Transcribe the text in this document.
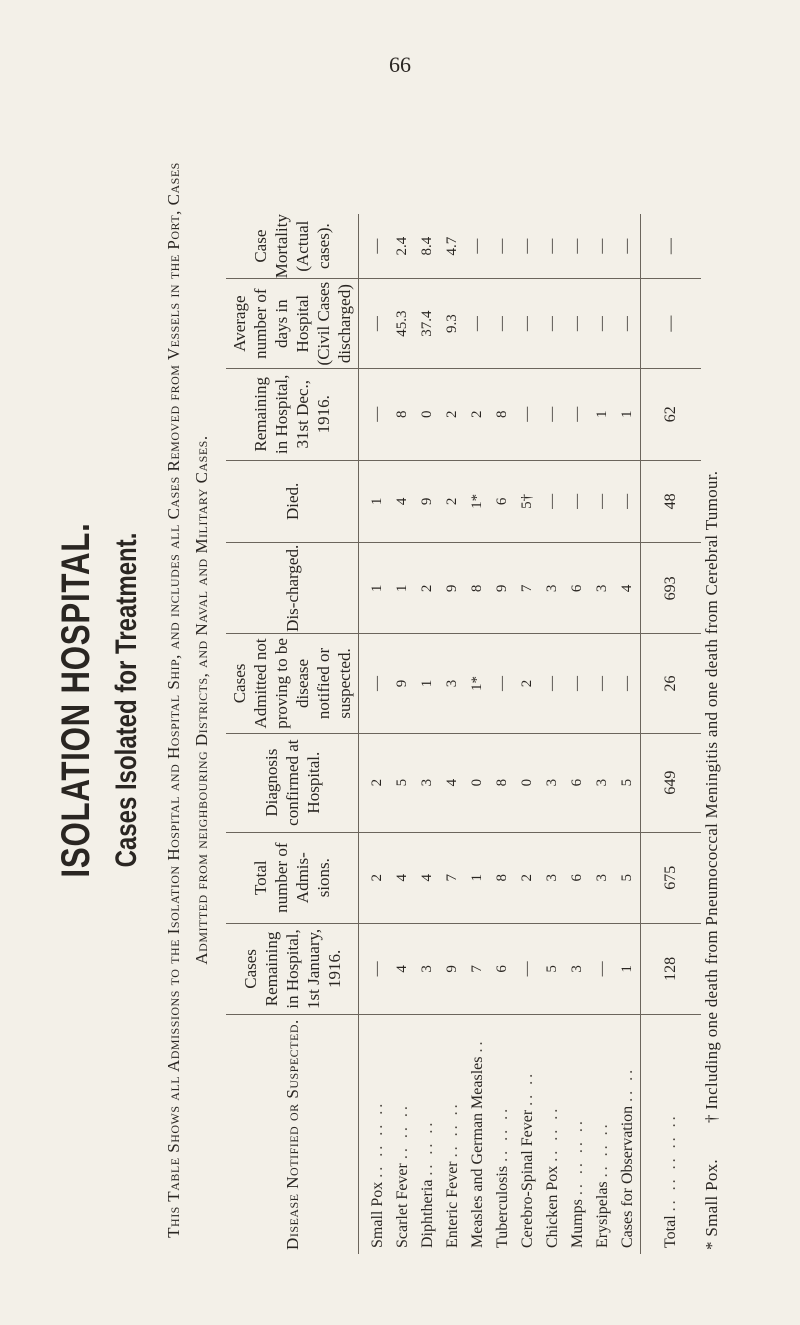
66
ISOLATION HOSPITAL. Cases Isolated for Treatment. This Table Shows all Admissions to the Isolation Hospital and Hospital Ship, and includes all Cases Removed from Vessels in the Port, Cases Admitted from neighbouring Districts, and Naval and Military Cases.
Disease Notified or Suspected.	Cases Remaining in Hospital, 1st January, 1916.	Total number of Admis-sions.	Diagnosis confirmed at Hospital.	Cases Admitted not proving to be disease notified or suspected.	Dis-charged.	Died.	Remaining in Hospital, 31st Dec., 1916.	Average number of days in Hospital (Civil Cases discharged)	Case Mortality (Actual cases).
Small Pox .. .. .. ..	—	2	2	—	1	1	—	—	—
Scarlet Fever .. .. ..	4	4	5	9	1	4	8	45.3	2.4
Diphtheria .. .. ..	3	4	3	1	2	9	0	37.4	8.4
Enteric Fever .. .. ..	9	7	4	3	9	2	2	9.3	4.7
Measles and German Measles ..	7	1	0	1*	8	1*	2	—	—
Tuberculosis .. .. ..	6	8	8	—	9	6	8	—	—
Cerebro-Spinal Fever .. ..	—	2	0	2	7	5†	—	—	—
Chicken Pox .. .. ..	5	3	3	—	3	—	—	—	—
Mumps .. .. .. ..	3	6	6	—	6	—	—	—	—
Erysipelas .. .. ..	—	3	3	—	3	—	1	—	—
Cases for Observation .. ..	1	5	5	—	4	—	1	—	—
Total .. .. .. .. ..	128	675	649	26	693	48	62	—	—
* Small Pox.† Including one death from Pneumococcal Meningitis and one death from Cerebral Tumour.
